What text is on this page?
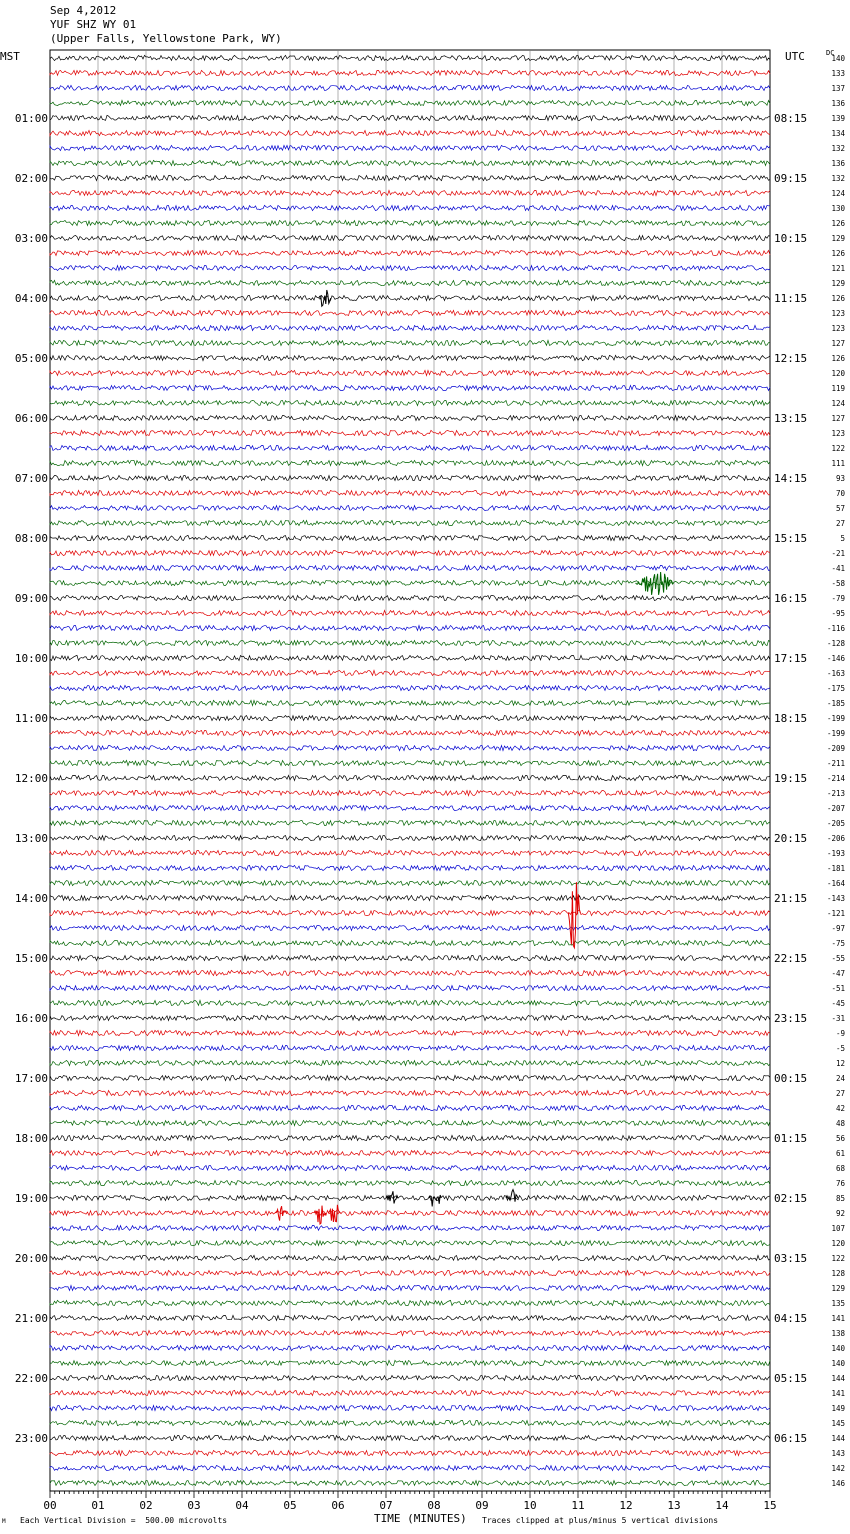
Sep 4,2012
YUF SHZ WY 01
(Upper Falls, Yellowstone Park, WY)
MST	UTC	DC
00	01	02	03	04	05	06	07	08	09	10	11	12	13	14	15
01:00
02:00
03:00
04:00
05:00
06:00
07:00
08:00
09:00
10:00
11:00
12:00
13:00
14:00
15:00
16:00
17:00
18:00
19:00
20:00
21:00
22:00
23:00
08:15
09:15
10:15
11:15
12:15
13:15
14:15
15:15
16:15
17:15
18:15
19:15
20:15
21:15
22:15
23:15
00:15
01:15
02:15
03:15
04:15
05:15
06:15
140
133
137
136
139
134
132
136
132
124
130
126
129
126
121
129
126
123
123
127
126
120
119
124
127
123
122
111
93
70
57
27
5
-21
-41
-58
-79
-95
-116
-128
-146
-163
-175
-185
-199
-199
-209
-211
-214
-213
-207
-205
-206
-193
-181
-164
-143
-121
-97
-75
-55
-47
-51
-45
-31
-9
-5
12
24
27
42
48
56
61
68
76
85
92
107
120
122
128
129
135
141
138
140
140
144
141
149
145
144
143
142
146
TIME (MINUTES)
Each Vertical Division =  500.00 microvolts	Traces clipped at plus/minus 5 vertical divisions
M
